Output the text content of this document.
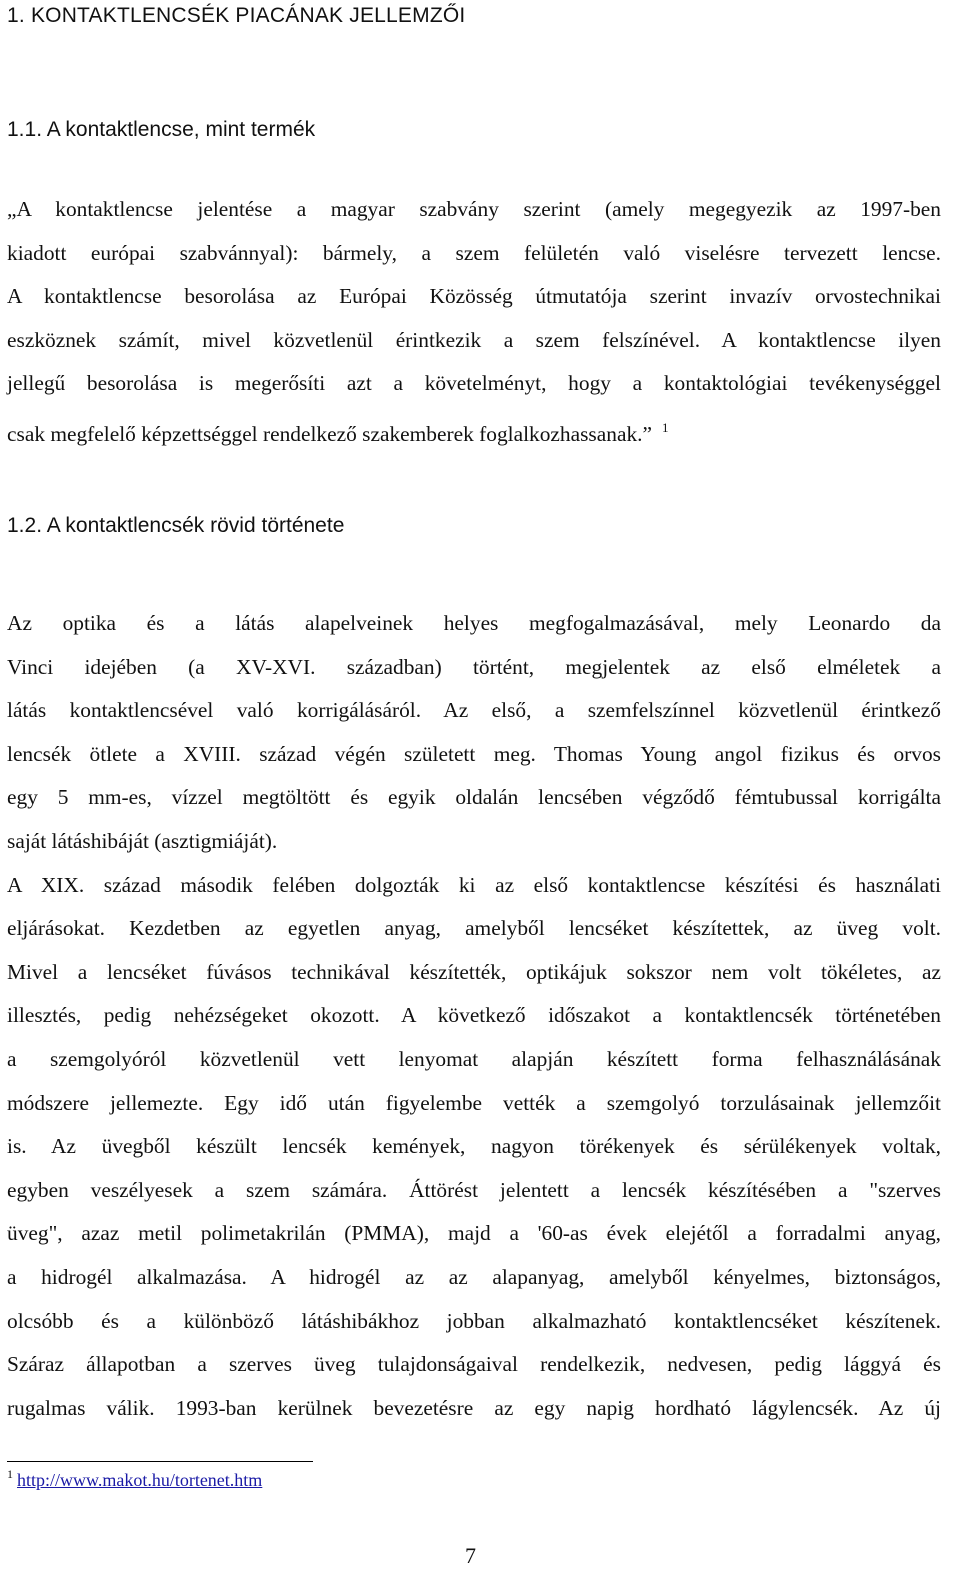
1. KONTAKTLENCSÉK PIACÁNAK JELLEMZŐI
1.1. A kontaktlencse, mint termék
„A kontaktlencse jelentése a magyar szabvány szerint (amely megegyezik az 1997-ben
kiadott európai szabvánnyal): bármely, a szem felületén való viselésre tervezett lencse.
A kontaktlencse besorolása az Európai Közösség útmutatója szerint invazív orvostechnikai
eszköznek számít, mivel közvetlenül érintkezik a szem felszínével. A kontaktlencse ilyen
jellegű besorolása is megerősíti azt a követelményt, hogy a kontaktológiai tevékenységgel
csak megfelelő képzettséggel rendelkező szakemberek foglalkozhassanak.” $^1$
1.2. A kontaktlencsék rövid története
Az optika és a látás alapelveinek helyes megfogalmazásával, mely Leonardo da
Vinci idejében (a XV-XVI. században) történt, megjelentek az első elméletek a
látás kontaktlencsével való korrigálásáról. Az első, a szemfelszínnel közvetlenül érintkező
lencsék ötlete a XVIII. század végén született meg. Thomas Young angol fizikus és orvos
egy 5 mm-es, vízzel megtöltött és egyik oldalán lencsében végződő fémtubussal korrigálta
saját látáshibáját (asztigmiáját).
A XIX. század második felében dolgozták ki az első kontaktlencse készítési és használati
eljárásokat. Kezdetben az egyetlen anyag, amelyből lencséket készítettek, az üveg volt.
Mivel a lencséket fúvásos technikával készítették, optikájuk sokszor nem volt tökéletes, az
illesztés, pedig nehézségeket okozott. A következő időszakot a kontaktlencsék történetében
a szemgolyóról közvetlenül vett lenyomat alapján készített forma felhasználásának
módszere jellemezte. Egy idő után figyelembe vették a szemgolyó torzulásainak jellemzőit
is. Az üvegből készült lencsék kemények, nagyon törékenyek és sérülékenyek voltak,
egyben veszélyesek a szem számára. Áttörést jelentett a lencsék készítésében a "szerves
üveg", azaz metil polimetakrilán (PMMA), majd a '60-as évek elejétől a forradalmi anyag,
a hidrogél alkalmazása. A hidrogél az az alapanyag, amelyből kényelmes, biztonságos,
olcsóbb és a különböző látáshibákhoz jobban alkalmazható kontaktlencséket készítenek.
Száraz állapotban a szerves üveg tulajdonságaival rendelkezik, nedvesen, pedig lággyá és
rugalmas válik. 1993-ban kerülnek bevezetésre az egy napig hordható lágylencsék. Az új
$^1$ http://www.makot.hu/tortenet.htm
7
